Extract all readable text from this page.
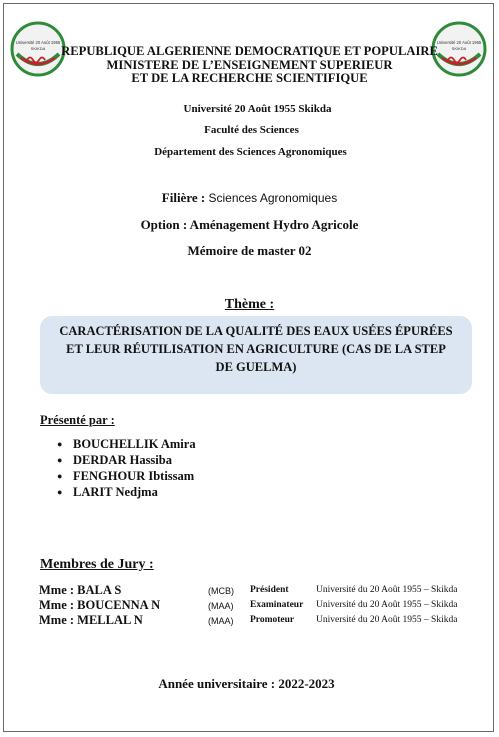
Université 20 Août 1955
SKIKDA
Université 20 Août 1955
SKIKDA
REPUBLIQUE ALGERIENNE DEMOCRATIQUE ET POPULAIRE
MINISTERE DE L’ENSEIGNEMENT SUPERIEUR
ET DE LA RECHERCHE SCIENTIFIQUE
Université 20 Août 1955 Skikda
Faculté des Sciences
Département des Sciences Agronomiques
Filière : Sciences Agronomiques
Option : Aménagement Hydro Agricole
Mémoire de master 02
Thème :
CARACTÉRISATION DE LA QUALITÉ DES EAUX USÉES ÉPURÉES
ET LEUR RÉUTILISATION EN AGRICULTURE (CAS DE LA STEP
DE GUELMA)
Présenté par :
● BOUCHELLIK Amira
● DERDAR Hassiba
● FENGHOUR Ibtissam
● LARIT Nedjma
Membres de Jury :
Mme : BALA S	(MCB) Président	Université du 20 Août 1955 – Skikda
Mme : BOUCENNA N	(MAA) Examinateur Université du 20 Août 1955 – Skikda
Mme : MELLAL N	(MAA) Promoteur Université du 20 Août 1955 – Skikda
Année universitaire : 2022-2023
